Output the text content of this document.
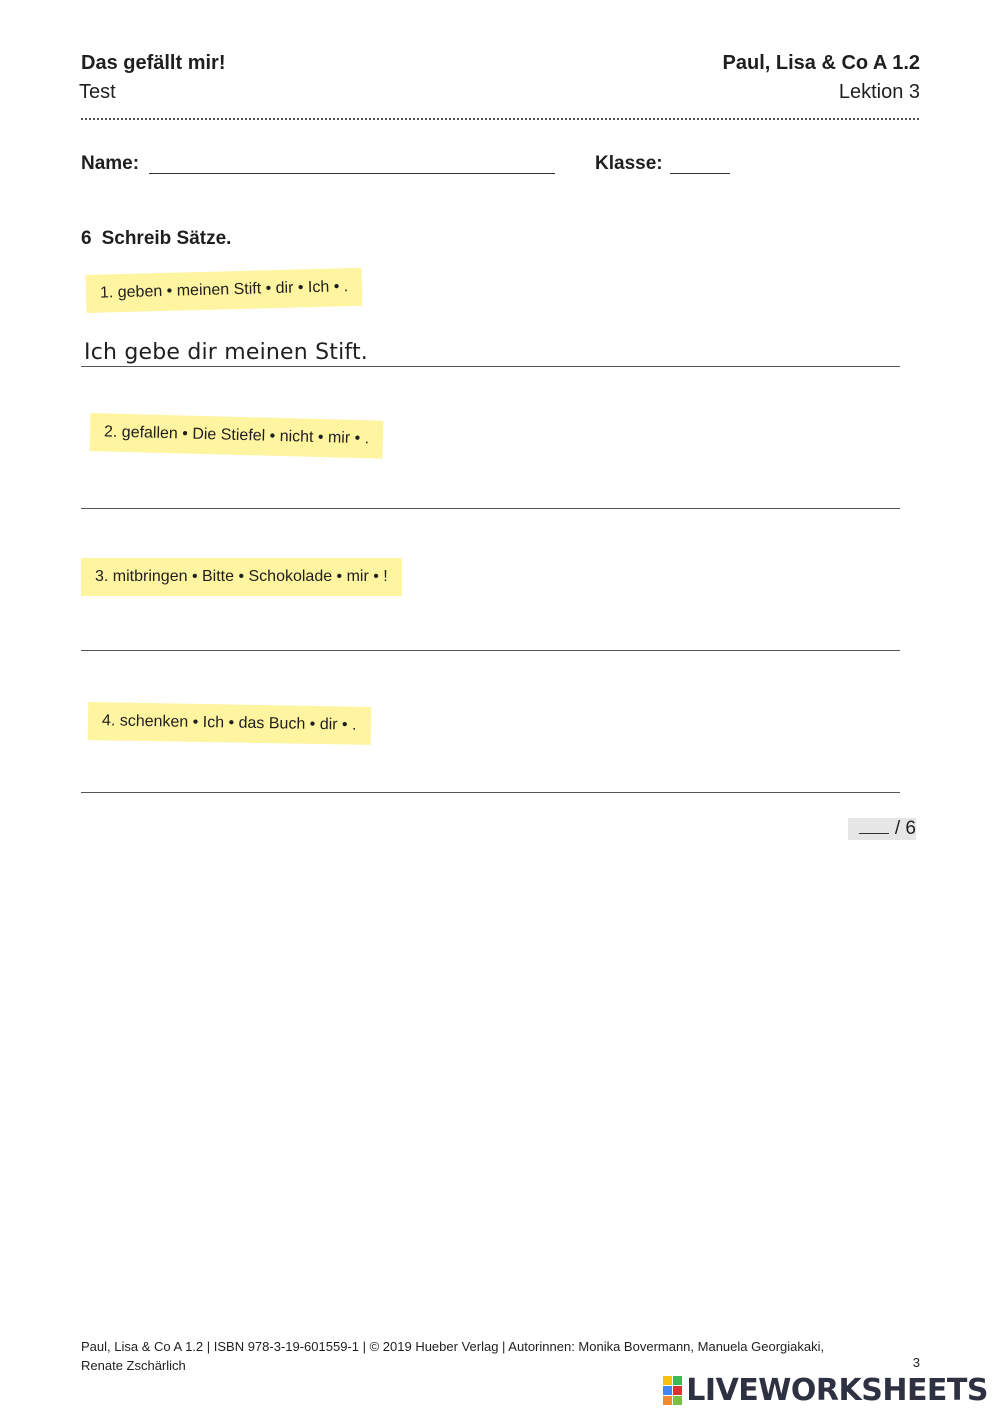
Das gefällt mir!
Test
Paul, Lisa & Co A 1.2
Lektion 3
Name:	Klasse:
6 Schreib Sätze.
1. geben • meinen Stift • dir • Ich • .
Ich gebe dir meinen Stift.
2. gefallen • Die Stiefel • nicht • mir • .
3. mitbringen • Bitte • Schokolade • mir • !
4. schenken • Ich • das Buch • dir • .
/ 6
Paul, Lisa & Co A 1.2 | ISBN 978-3-19-601559-1 | © 2019 Hueber Verlag | Autorinnen: Monika Bovermann, Manuela Georgiakaki,
Renate Zschärlich	3
LIVEWORKSHEETS
